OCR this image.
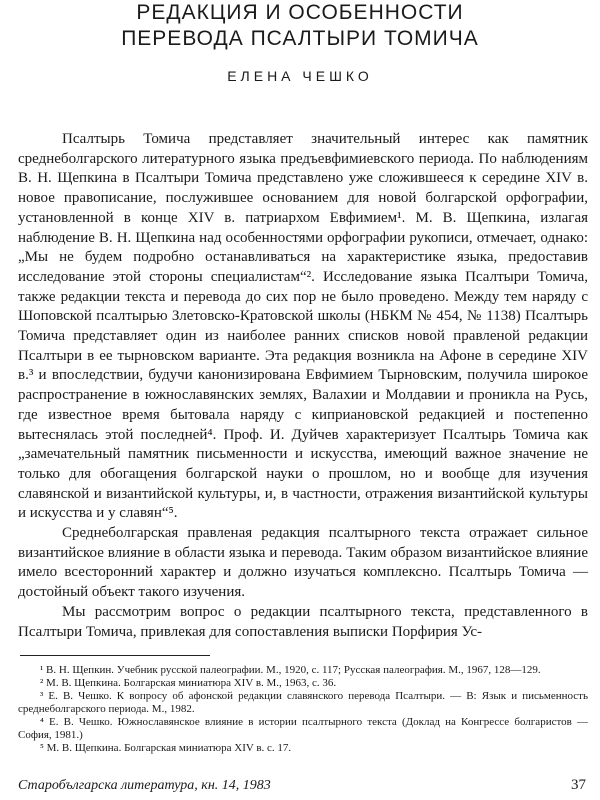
РЕДАКЦИЯ И ОСОБЕННОСТИ
ПЕРЕВОДА ПСАЛТЫРИ ТОМИЧА
ЕЛЕНА ЧЕШКО

Псалтырь Томича представляет значительный интерес как памятник среднеболгарского литературного языка предъевфимиевского периода. По наблюдениям В. Н. Щепкина в Псалтыри Томича представлено уже сложившееся к середине XIV в. новое правописание, послужившее основанием для новой болгарской орфографии, установленной в конце XIV в. патриархом Евфимием¹. М. В. Щепкина, излагая наблюдение В. Н. Щепкина над особенностями орфографии рукописи, отмечает, однако: „Мы не будем подробно останавливаться на характеристике языка, предоставив исследование этой стороны специалистам“². Исследование языка Псалтыри Томича, также редакции текста и перевода до сих пор не было проведено. Между тем наряду с Шоповской псалтырью Злетовско-Кратовской школы (НБКМ № 454, № 1138) Псалтырь Томича представляет один из наиболее ранних списков новой правленой редакции Псалтыри в ее тырновском варианте. Эта редакция возникла на Афоне в середине XIV в.³ и впоследствии, будучи канонизирована Евфимием Тырновским, получила широкое распространение в южнославянских землях, Валахии и Молдавии и проникла на Русь, где известное время бытовала наряду с киприановской редакцией и постепенно вытеснялась этой последней⁴. Проф. И. Дуйчев характеризует Псалтырь Томича как „замечательный памятник письменности и искусства, имеющий важное значение не только для обогащения болгарской науки о прошлом, но и вообще для изучения славянской и византийской культуры, и, в частности, отражения византийской культуры и искусства и у славян“⁵.

Среднеболгарская правленая редакция псалтырного текста отражает сильное византийское влияние в области языка и перевода. Таким образом византийское влияние имело всесторонний характер и должно изучаться комплексно. Псалтырь Томича — достойный объект такого изучения.

Мы рассмотрим вопрос о редакции псалтырного текста, представленного в Псалтыри Томича, привлекая для сопоставления выписки Порфирия Ус-

¹ В. Н. Щепкин. Учебник русской палеографии. М., 1920, с. 117; Русская палеография. М., 1967, 128—129.

² М. В. Щепкина. Болгарская миниатюра XIV в. М., 1963, с. 36.

³ Е. В. Чешко. К вопросу об афонской редакции славянского перевода Псалтыри. — В: Язык и письменность среднеболгарского периода. М., 1982.

⁴ Е. В. Чешко. Южнославянское влияние в истории псалтырного текста (Доклад на Конгрессе болгаристов — София, 1981.)

⁵ М. В. Щепкина. Болгарская миниатюра XIV в. с. 17.

Старобългарска литература, кн. 14, 1983	37
